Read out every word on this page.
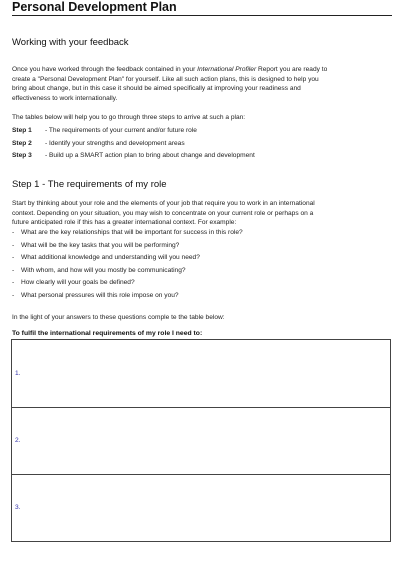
Personal Development Plan
Working with your feedback
Once you have worked through the feedback contained in your International Profiler Report you are ready to
create a "Personal Development Plan" for yourself. Like all such action plans, this is designed to help you
bring about change, but in this case it should be aimed specifically at improving your readiness and
effectiveness to work internationally.
The tables below will help you to go through three steps to arrive at such a plan:
Step 1 - The requirements of your current and/or future role
Step 2 - Identify your strengths and development areas
Step 3 - Build up a SMART action plan to bring about change and development
Step 1 - The requirements of my role
Start by thinking about your role and the elements of your job that require you to work in an international
context. Depending on your situation, you may wish to concentrate on your current role or perhaps on a
future anticipated role if this has a greater international context. For example:
- What are the key relationships that will be important for success in this role?
- What will be the key tasks that you will be performing?
- What additional knowledge and understanding will you need?
- With whom, and how will you mostly be communicating?
- How clearly will your goals be defined?
- What personal pressures will this role impose on you?
In the light of your answers to these questions comple te the table below:
To fulfil the international requirements of my role I need to:
1.
2.
3.
